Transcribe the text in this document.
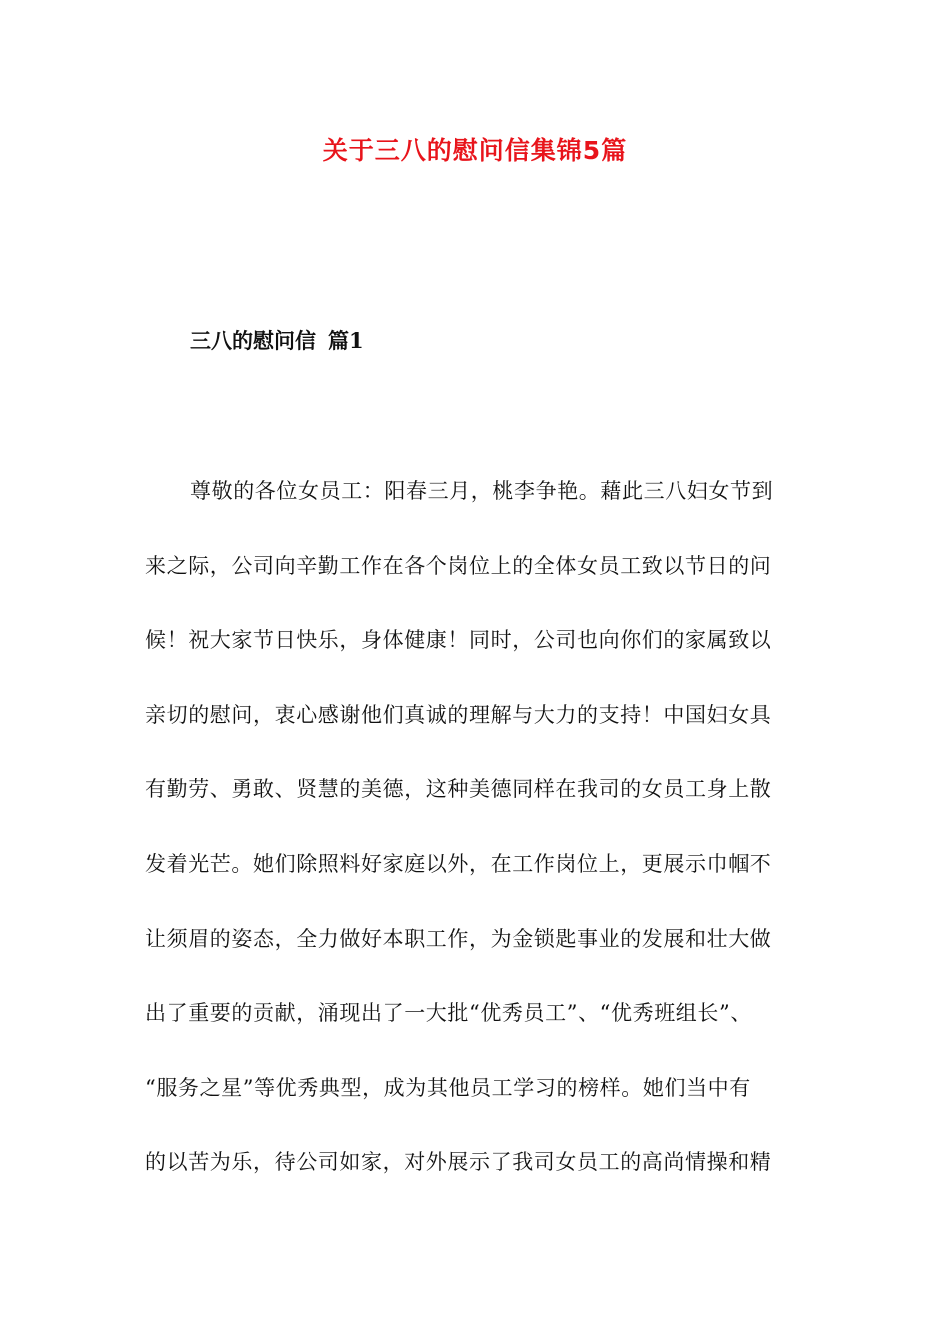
关于三八的慰问信集锦5篇
三八的慰问信 篇1
尊敬的各位女员工：阳春三月，桃李争艳。藉此三八妇女节到
来之际，公司向辛勤工作在各个岗位上的全体女员工致以节日的问
候！祝大家节日快乐，身体健康！同时，公司也向你们的家属致以
亲切的慰问，衷心感谢他们真诚的理解与大力的支持！中国妇女具
有勤劳、勇敢、贤慧的美德，这种美德同样在我司的女员工身上散
发着光芒。她们除照料好家庭以外，在工作岗位上，更展示巾帼不
让须眉的姿态，全力做好本职工作，为金锁匙事业的发展和壮大做
出了重要的贡献，涌现出了一大批“优秀员工”、“优秀班组长”、
“服务之星”等优秀典型，成为其他员工学习的榜样。她们当中有
的以苦为乐，待公司如家，对外展示了我司女员工的高尚情操和精
